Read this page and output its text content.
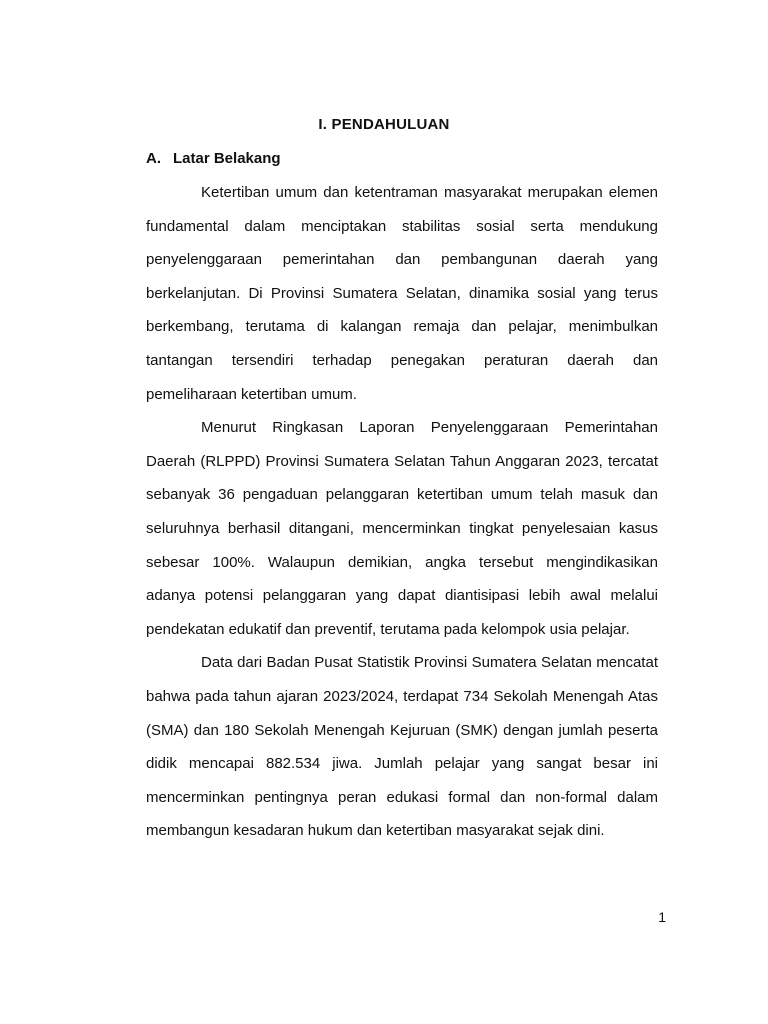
I. PENDAHULUAN
A. Latar Belakang

Ketertiban umum dan ketentraman masyarakat merupakan elemen fundamental dalam menciptakan stabilitas sosial serta mendukung penyelenggaraan pemerintahan dan pembangunan daerah yang berkelanjutan. Di Provinsi Sumatera Selatan, dinamika sosial yang terus berkembang, terutama di kalangan remaja dan pelajar, menimbulkan tantangan tersendiri terhadap penegakan peraturan daerah dan pemeliharaan ketertiban umum.

Menurut Ringkasan Laporan Penyelenggaraan Pemerintahan Daerah (RLPPD) Provinsi Sumatera Selatan Tahun Anggaran 2023, tercatat sebanyak 36 pengaduan pelanggaran ketertiban umum telah masuk dan seluruhnya berhasil ditangani, mencerminkan tingkat penyelesaian kasus sebesar 100%. Walaupun demikian, angka tersebut mengindikasikan adanya potensi pelanggaran yang dapat diantisipasi lebih awal melalui pendekatan edukatif dan preventif, terutama pada kelompok usia pelajar.

Data dari Badan Pusat Statistik Provinsi Sumatera Selatan mencatat bahwa pada tahun ajaran 2023/2024, terdapat 734 Sekolah Menengah Atas (SMA) dan 180 Sekolah Menengah Kejuruan (SMK) dengan jumlah peserta didik mencapai 882.534 jiwa. Jumlah pelajar yang sangat besar ini mencerminkan pentingnya peran edukasi formal dan non-formal dalam membangun kesadaran hukum dan ketertiban masyarakat sejak dini.

1
